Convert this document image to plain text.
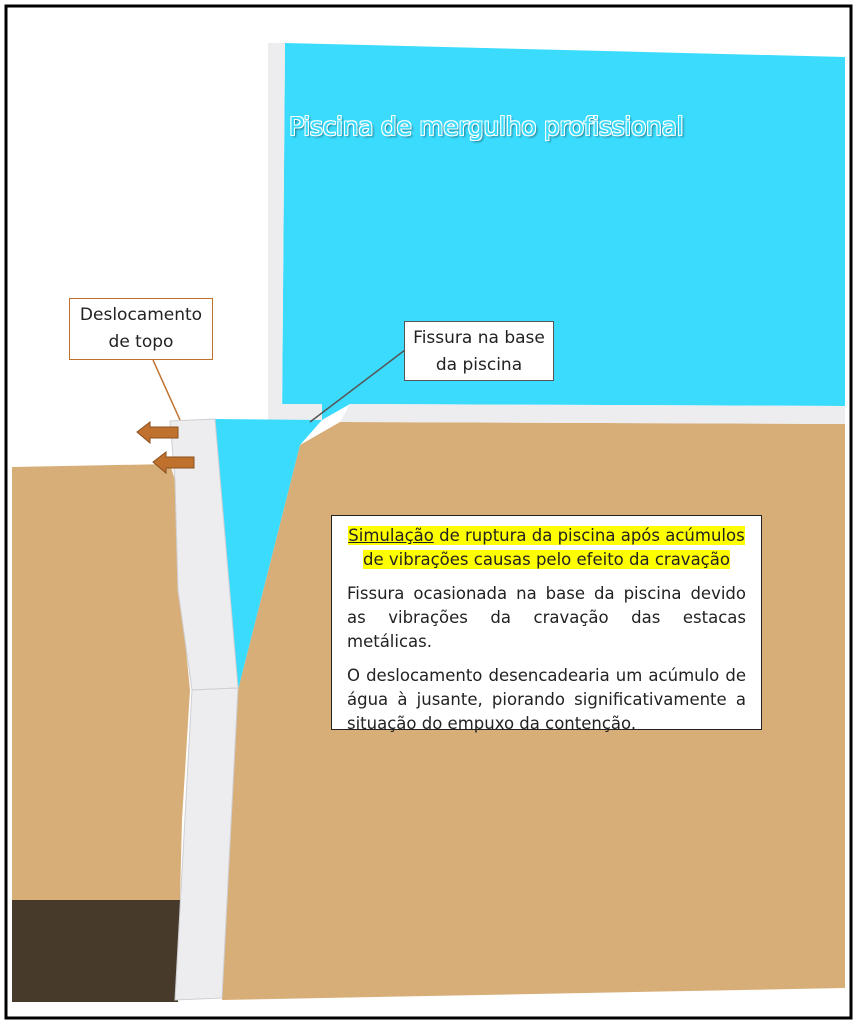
Piscina de mergulho profissional
Deslocamento
de topo	Fissura na base
da piscina

Simulação de ruptura da piscina após acúmulos de vibrações causas pelo efeito da cravação

Fissura ocasionada na base da piscina devido as vibrações da cravação das estacas metálicas.

O deslocamento desencadearia um acúmulo de água à jusante, piorando significativamente a situação do empuxo da contenção.
